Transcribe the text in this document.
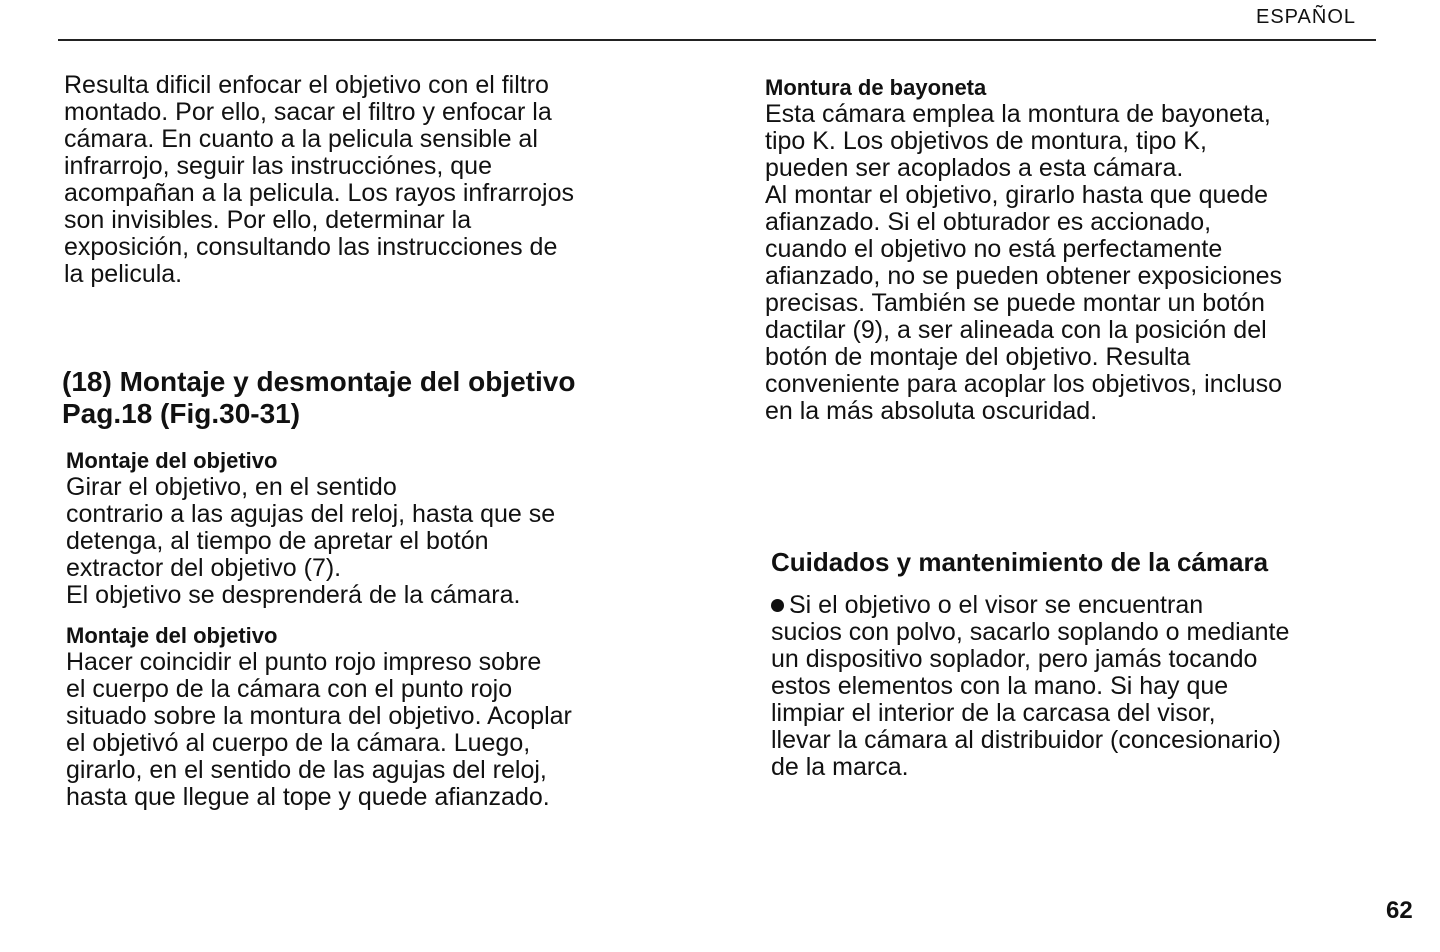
ESPAÑOL

Resulta dificil enfocar el objetivo con el filtro
montado. Por ello, sacar el filtro y enfocar la
cámara. En cuanto a la pelicula sensible al
infrarrojo, seguir las instrucciónes, que
acompañan a la pelicula. Los rayos infrarrojos
son invisibles. Por ello, determinar la
exposición, consultando las instrucciones de
la pelicula.

(18) Montaje y desmontaje del objetivo
Pag.18 (Fig.30-31)
Montaje del objetivo

Girar el objetivo, en el sentido
contrario a las agujas del reloj, hasta que se
detenga, al tiempo de apretar el botón
extractor del objetivo (7).
El objetivo se desprenderá de la cámara.

Montaje del objetivo

Hacer coincidir el punto rojo impreso sobre
el cuerpo de la cámara con el punto rojo
situado sobre la montura del objetivo. Acoplar
el objetivó al cuerpo de la cámara. Luego,
girarlo, en el sentido de las agujas del reloj,
hasta que llegue al tope y quede afianzado.

Montura de bayoneta

Esta cámara emplea la montura de bayoneta,
tipo K. Los objetivos de montura, tipo K,
pueden ser acoplados a esta cámara.
Al montar el objetivo, girarlo hasta que quede
afianzado. Si el obturador es accionado,
cuando el objetivo no está perfectamente
afianzado, no se pueden obtener exposiciones
precisas. También se puede montar un botón
dactilar (9), a ser alineada con la posición del
botón de montaje del objetivo. Resulta
conveniente para acoplar los objetivos, incluso
en la más absoluta oscuridad.

Cuidados y mantenimiento de la cámara

Si el objetivo o el visor se encuentran
sucios con polvo, sacarlo soplando o mediante
un dispositivo soplador, pero jamás tocando
estos elementos con la mano. Si hay que
limpiar el interior de la carcasa del visor,
llevar la cámara al distribuidor (concesionario)
de la marca.

62
